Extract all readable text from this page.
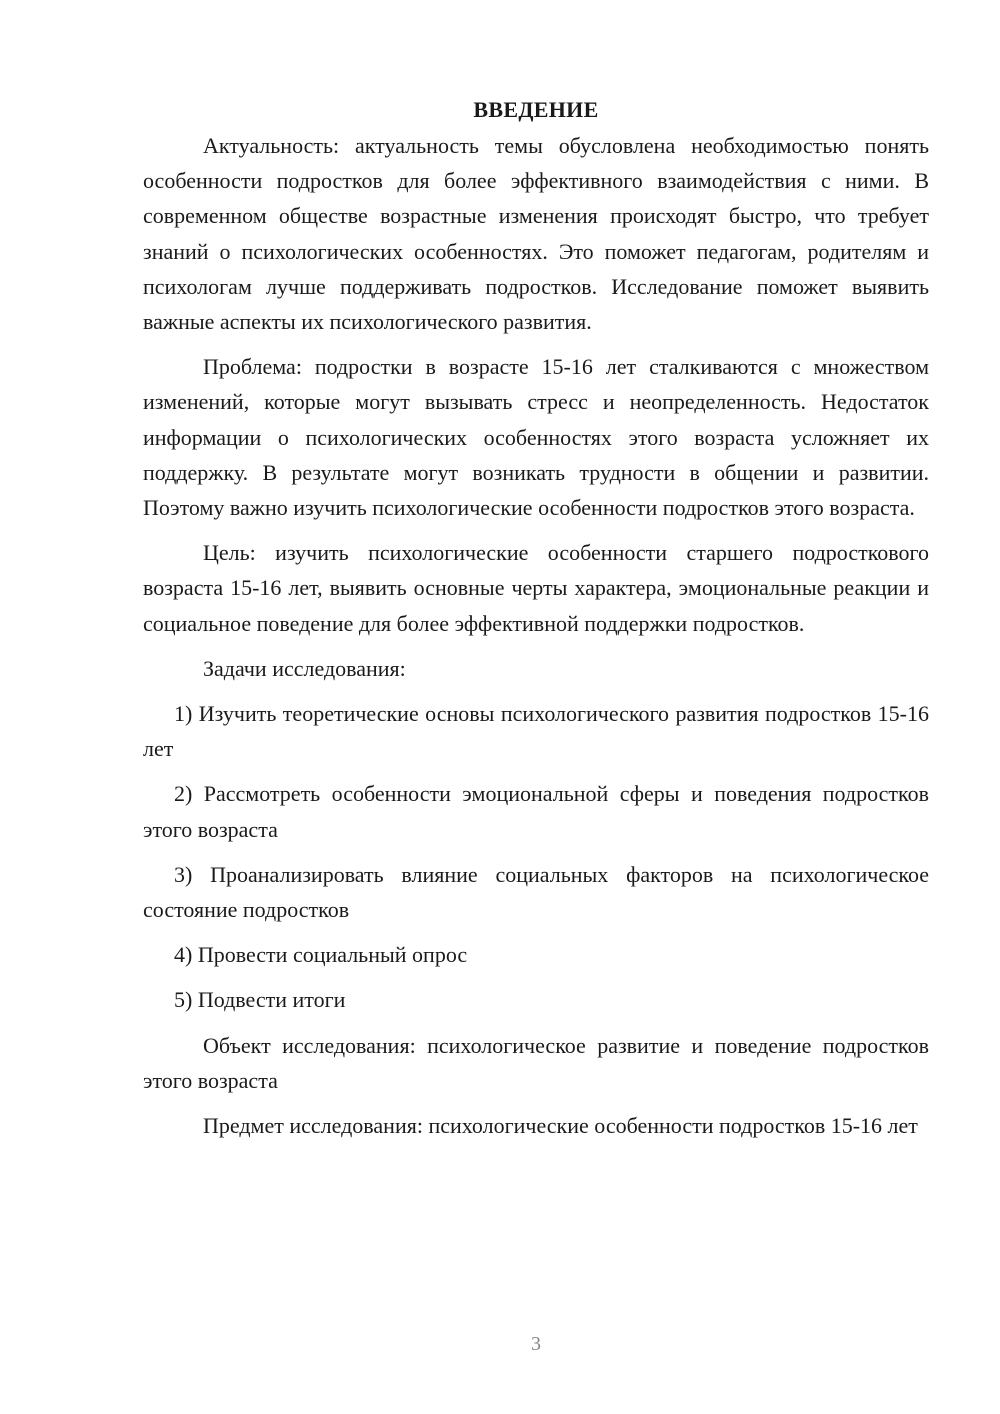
ВВЕДЕНИЕ

Актуальность: актуальность темы обусловлена необходимостью понять особенности подростков для более эффективного взаимодействия с ними. В современном обществе возрастные изменения происходят быстро, что требует знаний о психологических особенностях. Это поможет педагогам, родителям и психологам лучше поддерживать подростков. Исследование поможет выявить важные аспекты их психологического развития.

Проблема: подростки в возрасте 15-16 лет сталкиваются с множеством изменений, которые могут вызывать стресс и неопределенность. Недостаток информации о психологических особенностях этого возраста усложняет их поддержку. В результате могут возникать трудности в общении и развитии. Поэтому важно изучить психологические особенности подростков этого возраста.

Цель: изучить психологические особенности старшего подросткового возраста 15-16 лет, выявить основные черты характера, эмоциональные реакции и социальное поведение для более эффективной поддержки подростков.

Задачи исследования:

1) Изучить теоретические основы психологического развития подростков 15-16 лет

2) Рассмотреть особенности эмоциональной сферы и поведения подростков этого возраста

3) Проанализировать влияние социальных факторов на психологическое состояние подростков

4) Провести социальный опрос

5) Подвести итоги

Объект исследования: психологическое развитие и поведение подростков этого возраста

Предмет исследования: психологические особенности подростков 15-16 лет

3
